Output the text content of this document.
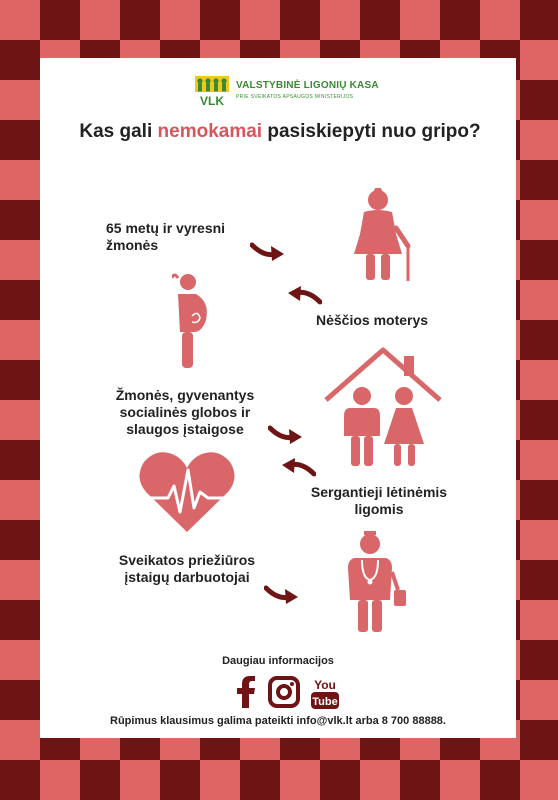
VLK
VALSTYBINĖ LIGONIŲ KASA
PRIE SVEIKATOS APSAUGOS MINISTERIJOS
Kas gali nemokamai pasiskiepyti nuo gripo?
65 metų ir vyresni žmonės
Nėščios moterys
Žmonės, gyvenantys socialinės globos ir slaugos įstaigose
Sergantieji lėtinėmis ligomis
Sveikatos priežiūros įstaigų darbuotojai
Daugiau informacijos
You
Tube
Rūpimus klausimus galima pateikti info@vlk.lt arba 8 700 88888.
